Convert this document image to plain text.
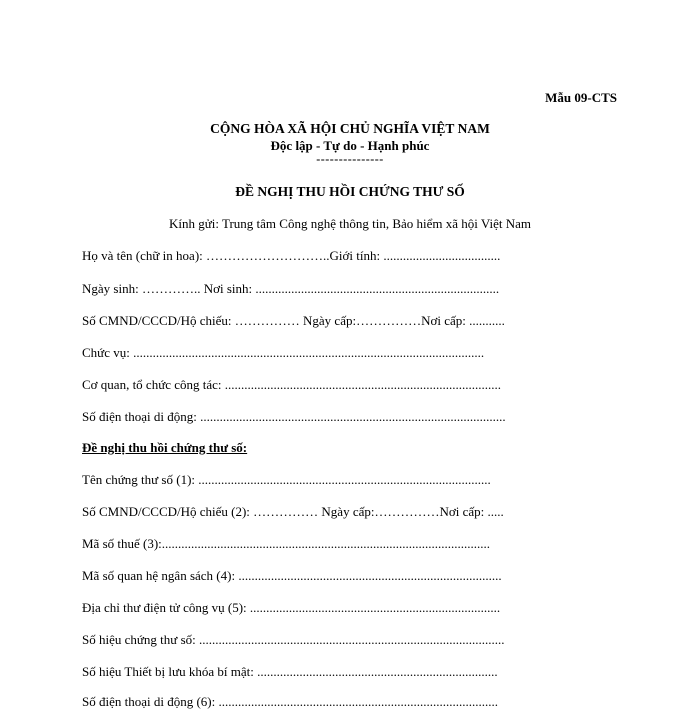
Mẫu 09-CTS
CỘNG HÒA XÃ HỘI CHỦ NGHĨA VIỆT NAM
Độc lập - Tự do - Hạnh phúc
---------------
ĐỀ NGHỊ THU HỒI CHỨNG THƯ SỐ
Kính gửi: Trung tâm Công nghệ thông tin, Bảo hiểm xã hội Việt Nam
Họ và tên (chữ in hoa): ………………………..Giới tính: ....................................
Ngày sinh: ………….. Nơi sinh: ...........................................................................
Số CMND/CCCD/Hộ chiếu: …………… Ngày cấp:……………Nơi cấp: ...........
Chức vụ: ............................................................................................................
Cơ quan, tổ chức công tác: .....................................................................................
Số điện thoại di động: ..............................................................................................
Đề nghị thu hồi chứng thư số:
Tên chứng thư số (1): ..........................................................................................
Số CMND/CCCD/Hộ chiếu (2): …………… Ngày cấp:……………Nơi cấp: .....
Mã số thuế (3):.....................................................................................................
Mã số quan hệ ngân sách (4): .................................................................................
Địa chỉ thư điện tử công vụ (5): .............................................................................
Số hiệu chứng thư số: ..............................................................................................
Số hiệu Thiết bị lưu khóa bí mật: ..........................................................................
Số điện thoại di động (6): ......................................................................................
